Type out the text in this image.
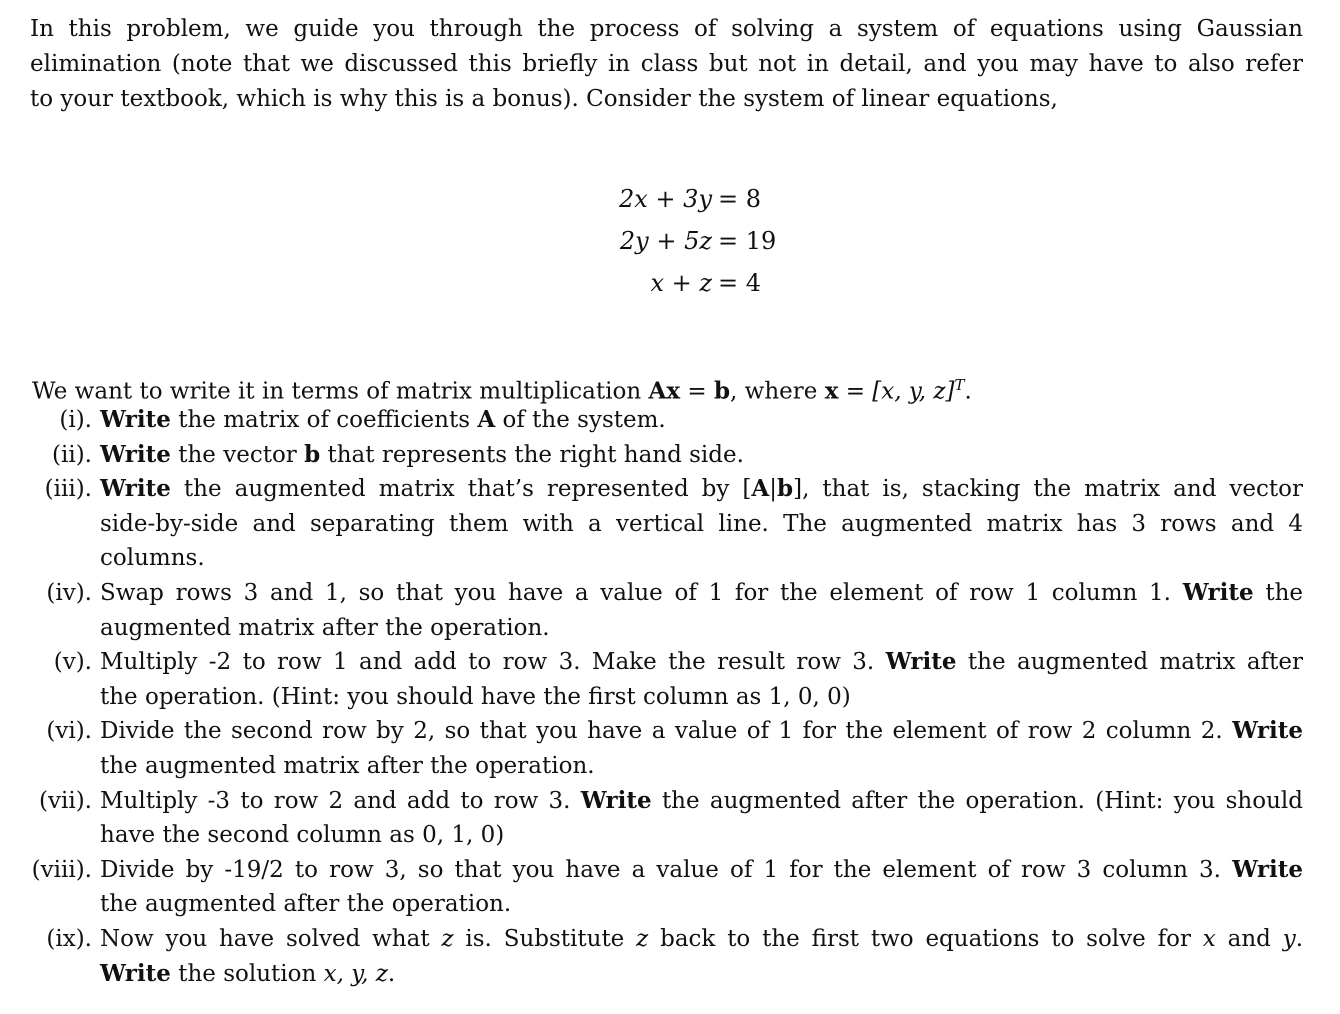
In this problem, we guide you through the process of solving a system of equations using Gaussian
elimination (note that we discussed this briefly in class but not in detail, and you may have to also refer
to your textbook, which is why this is a bonus). Consider the system of linear equations,
2x + 3y = 8
2y + 5z = 19
x + z = 4

We want to write it in terms of matrix multiplication Ax = b, where x = [x, y, z]$^T$.

(i). Write the matrix of coefficients A of the system.
(ii). Write the vector b that represents the right hand side.
(iii). Write the augmented matrix that’s represented by [A|b], that is, stacking the matrix and vector
side-by-side and separating them with a vertical line. The augmented matrix has 3 rows and 4
columns.
(iv). Swap rows 3 and 1, so that you have a value of 1 for the element of row 1 column 1. Write the
augmented matrix after the operation.
(v). Multiply -2 to row 1 and add to row 3. Make the result row 3. Write the augmented matrix after
the operation. (Hint: you should have the first column as 1, 0, 0)
(vi). Divide the second row by 2, so that you have a value of 1 for the element of row 2 column 2. Write
the augmented matrix after the operation.
(vii). Multiply -3 to row 2 and add to row 3. Write the augmented after the operation. (Hint: you should
have the second column as 0, 1, 0)
(viii). Divide by -19/2 to row 3, so that you have a value of 1 for the element of row 3 column 3. Write
the augmented after the operation.
(ix). Now you have solved what z is. Substitute z back to the first two equations to solve for x and y.
Write the solution x, y, z.
